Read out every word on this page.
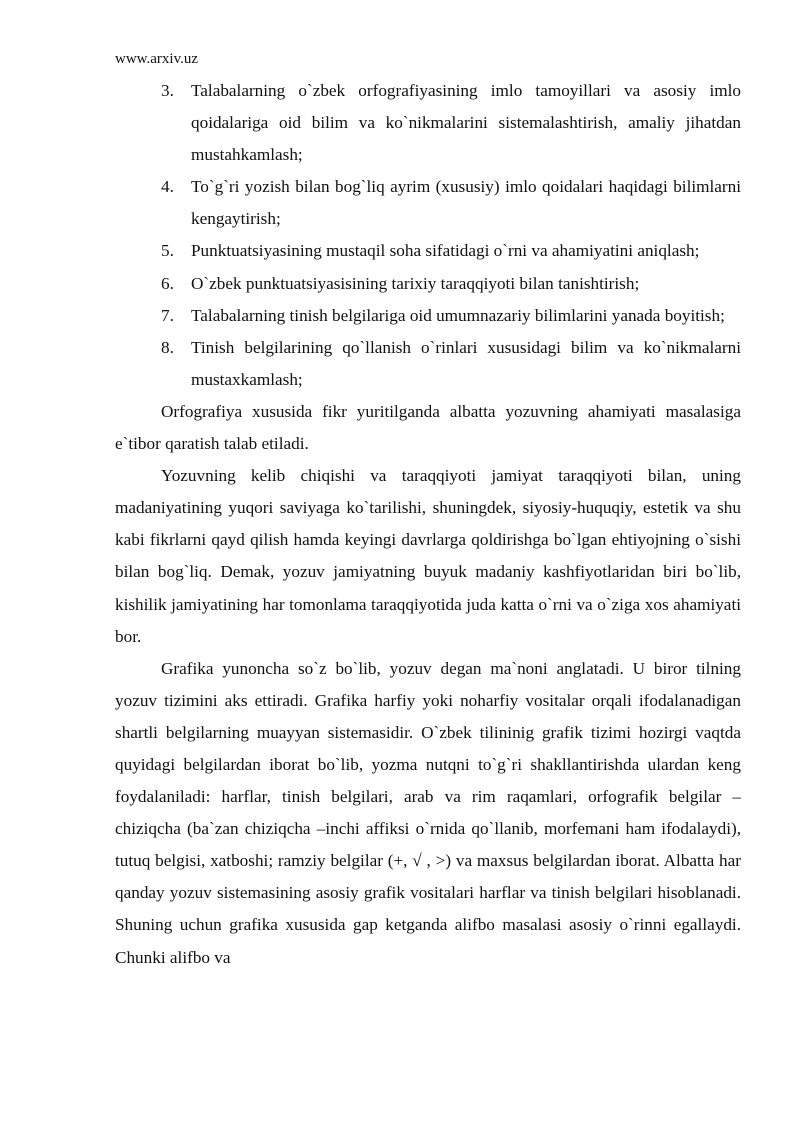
www.arxiv.uz
3. Talabalarning o`zbek orfografiyasining imlo tamoyillari va asosiy imlo qoidalariga oid bilim va ko`nikmalarini sistemalashtirish, amaliy jihatdan mustahkamlash;
4. To`g`ri yozish bilan bog`liq ayrim (xususiy) imlo qoidalari haqidagi bilimlarni kengaytirish;
5. Punktuatsiyasining mustaqil soha sifatidagi o`rni va ahamiyatini aniqlash;
6. O`zbek punktuatsiyasisining tarixiy taraqqiyoti bilan tanishtirish;
7. Talabalarning tinish belgilariga oid umumnazariy bilimlarini yanada boyitish;
8. Tinish belgilarining qo`llanish o`rinlari xususidagi bilim va ko`nikmalarni mustaxkamlash;

Orfografiya xususida fikr yuritilganda albatta yozuvning ahamiyati masalasiga e`tibor qaratish talab etiladi.

Yozuvning kelib chiqishi va taraqqiyoti jamiyat taraqqiyoti bilan, uning madaniyatining yuqori saviyaga ko`tarilishi, shuningdek, siyosiy-huquqiy, estetik va shu kabi fikrlarni qayd qilish hamda keyingi davrlarga qoldirishga bo`lgan ehtiyojning o`sishi bilan bog`liq. Demak, yozuv jamiyatning buyuk madaniy kashfiyotlaridan biri bo`lib, kishilik jamiyatining har tomonlama taraqqiyotida juda katta o`rni va o`ziga xos ahamiyati bor.

Grafika yunoncha so`z bo`lib, yozuv degan ma`noni anglatadi. U biror tilning yozuv tizimini aks ettiradi. Grafika harfiy yoki noharfiy vositalar orqali ifodalanadigan shartli belgilarning muayyan sistemasidir. O`zbek tilininig grafik tizimi hozirgi vaqtda quyidagi belgilardan iborat bo`lib, yozma nutqni to`g`ri shakllantirishda ulardan keng foydalaniladi: harflar, tinish belgilari, arab va rim raqamlari, orfografik belgilar – chiziqcha (ba`zan chiziqcha –inchi affiksi o`rnida qo`llanib, morfemani ham ifodalaydi), tutuq belgisi, xatboshi; ramziy belgilar (+, √ , >) va maxsus belgilardan iborat. Albatta har qanday yozuv sistemasining asosiy grafik vositalari harflar va tinish belgilari hisoblanadi. Shuning uchun grafika xususida gap ketganda alifbo masalasi asosiy o`rinni egallaydi. Chunki alifbo va
